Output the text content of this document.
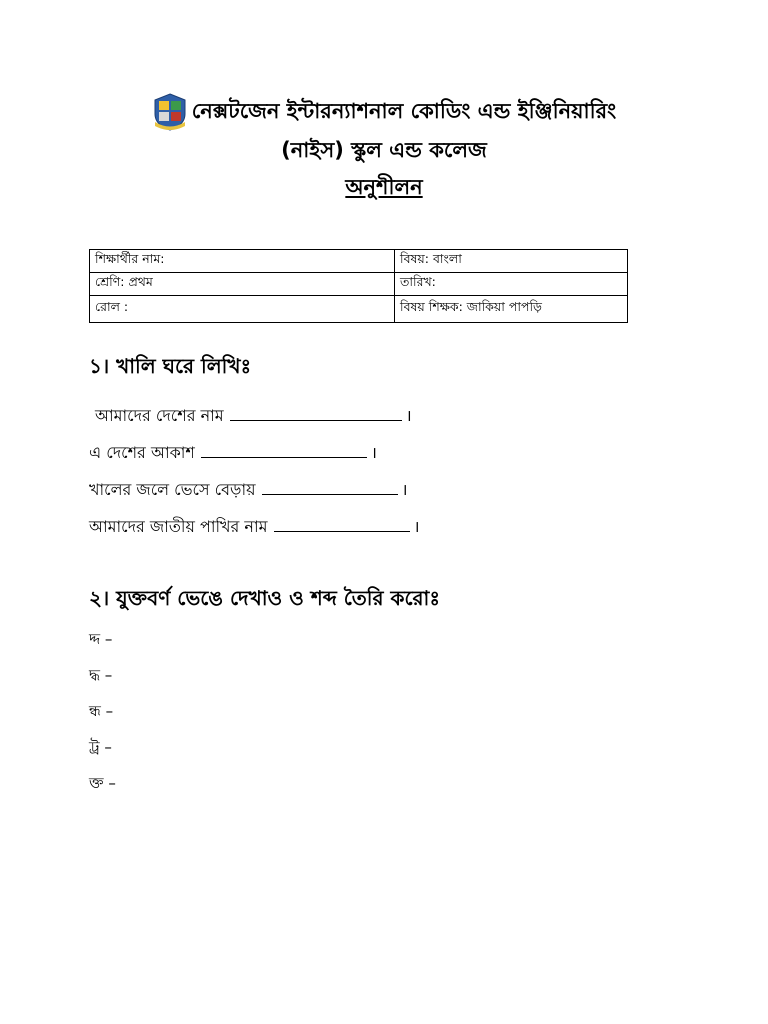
নেক্সটজেন ইন্টারন্যাশনাল কোডিং এন্ড ইঞ্জিনিয়ারিং
(নাইস) স্কুল এন্ড কলেজ
অনুশীলন
শিক্ষার্থীর নাম:	বিষয়: বাংলা
শ্রেণি: প্রথম	তারিখ:
রোল :	বিষয় শিক্ষক: জাকিয়া পাপড়ি
১। খালি ঘরে লিখিঃ
আমাদের দেশের নাম	।
এ দেশের আকাশ	।
খালের জলে ভেসে বেড়ায়	।
আমাদের জাতীয় পাখির নাম	।
২। যুক্তবর্ণ ভেঙে দেখাও ও শব্দ তৈরি করোঃ
দ্দ –
দ্ধ –
ন্ধ –
ট্র –
ক্ত –
